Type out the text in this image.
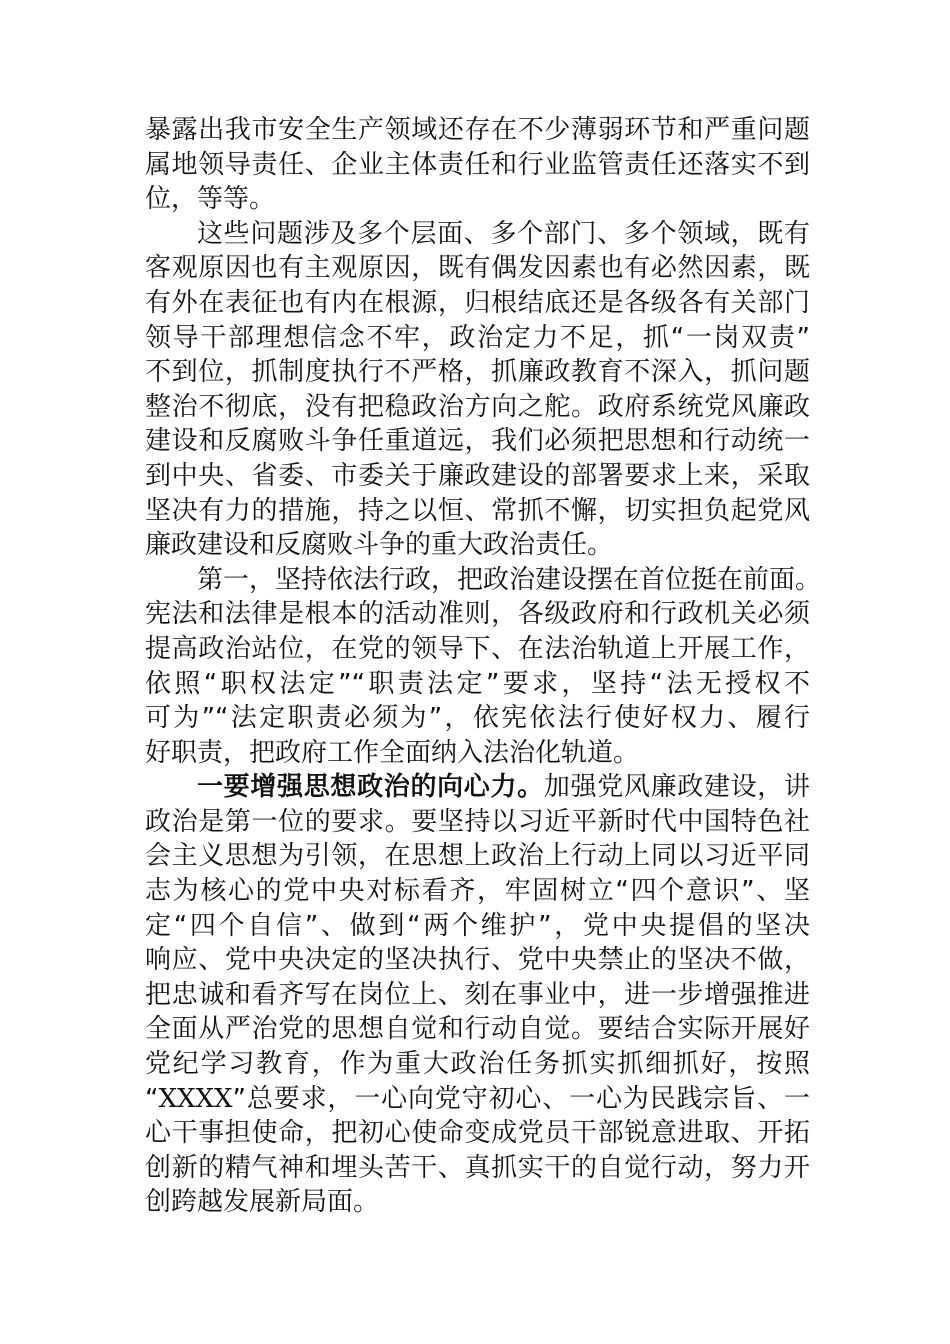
暴露出我市安全生产领域还存在不少薄弱环节和严重问题
属地领导责任、企业主体责任和行业监管责任还落实不到
位，等等。
这些问题涉及多个层面、多个部门、多个领域，既有
客观原因也有主观原因，既有偶发因素也有必然因素，既
有外在表征也有内在根源，归根结底还是各级各有关部门
领导干部理想信念不牢，政治定力不足，抓“一岗双责”
不到位，抓制度执行不严格，抓廉政教育不深入，抓问题
整治不彻底，没有把稳政治方向之舵。政府系统党风廉政
建设和反腐败斗争任重道远，我们必须把思想和行动统一
到中央、省委、市委关于廉政建设的部署要求上来，采取
坚决有力的措施，持之以恒、常抓不懈，切实担负起党风
廉政建设和反腐败斗争的重大政治责任。
第一，坚持依法行政，把政治建设摆在首位挺在前面。
宪法和法律是根本的活动准则，各级政府和行政机关必须
提高政治站位，在党的领导下、在法治轨道上开展工作，
依照“职权法定”“职责法定”要求，坚持“法无授权不
可为”“法定职责必须为”，依宪依法行使好权力、履行
好职责，把政府工作全面纳入法治化轨道。
一要增强思想政治的向心力。加强党风廉政建设，讲
政治是第一位的要求。要坚持以习近平新时代中国特色社
会主义思想为引领，在思想上政治上行动上同以习近平同
志为核心的党中央对标看齐，牢固树立“四个意识”、坚
定“四个自信”、做到“两个维护”，党中央提倡的坚决
响应、党中央决定的坚决执行、党中央禁止的坚决不做，
把忠诚和看齐写在岗位上、刻在事业中，进一步增强推进
全面从严治党的思想自觉和行动自觉。要结合实际开展好
党纪学习教育，作为重大政治任务抓实抓细抓好，按照
“XXXX”总要求，一心向党守初心、一心为民践宗旨、一
心干事担使命，把初心使命变成党员干部锐意进取、开拓
创新的精气神和埋头苦干、真抓实干的自觉行动，努力开
创跨越发展新局面。
